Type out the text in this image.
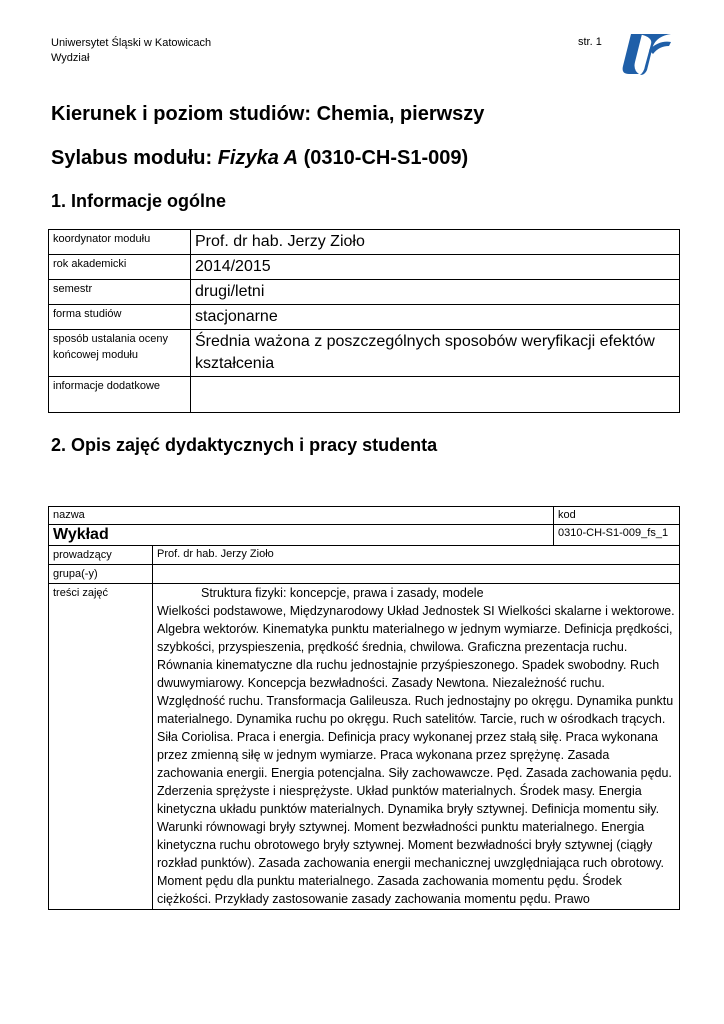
Uniwersytet Śląski w Katowicach
Wydział
str. 1
Kierunek i poziom studiów: Chemia, pierwszy
Sylabus modułu: Fizyka A (0310-CH-S1-009)
1. Informacje ogólne
koordynator modułu	Prof. dr hab. Jerzy Zioło
rok akademicki	2014/2015
semestr	drugi/letni
forma studiów	stacjonarne
sposób ustalania oceny końcowej modułu	Średnia ważona z poszczególnych sposobów weryfikacji efektów kształcenia
informacje dodatkowe	
2. Opis zajęć dydaktycznych i pracy studenta
nazwa		kod
Wykład		0310-CH-S1-009_fs_1
prowadzący	Prof. dr hab. Jerzy Zioło	
grupa(-y)		
treści zajęć	Struktura fizyki: koncepcje, prawa i zasady, modele
Wielkości podstawowe, Międzynarodowy Układ Jednostek SI Wielkości skalarne i wektorowe. Algebra wektorów. Kinematyka punktu materialnego w jednym wymiarze. Definicja prędkości, szybkości, przyspieszenia, prędkość średnia, chwilowa. Graficzna prezentacja ruchu. Równania kinematyczne dla ruchu jednostajnie przyśpieszonego. Spadek swobodny. Ruch dwuwymiarowy. Koncepcja bezwładności. Zasady Newtona. Niezależność ruchu. Względność ruchu. Transformacja Galileusza. Ruch jednostajny po okręgu. Dynamika punktu materialnego. Dynamika ruchu po okręgu. Ruch satelitów. Tarcie, ruch w ośrodkach trących. Siła Coriolisa. Praca i energia. Definicja pracy wykonanej przez stałą siłę. Praca wykonana przez zmienną siłę w jednym wymiarze. Praca wykonana przez sprężynę. Zasada zachowania energii. Energia potencjalna. Siły zachowawcze. Pęd. Zasada zachowania pędu. Zderzenia sprężyste i niesprężyste. Układ punktów materialnych. Środek masy. Energia kinetyczna układu punktów materialnych. Dynamika bryły sztywnej. Definicja momentu siły. Warunki równowagi bryły sztywnej. Moment bezwładności punktu materialnego. Energia kinetyczna ruchu obrotowego bryły sztywnej. Moment bezwładności bryły sztywnej (ciągły rozkład punktów). Zasada zachowania energii mechanicznej uwzględniająca ruch obrotowy. Moment pędu dla punktu materialnego. Zasada zachowania momentu pędu. Środek ciężkości. Przykłady zastosowanie zasady zachowania momentu pędu. Prawo	
